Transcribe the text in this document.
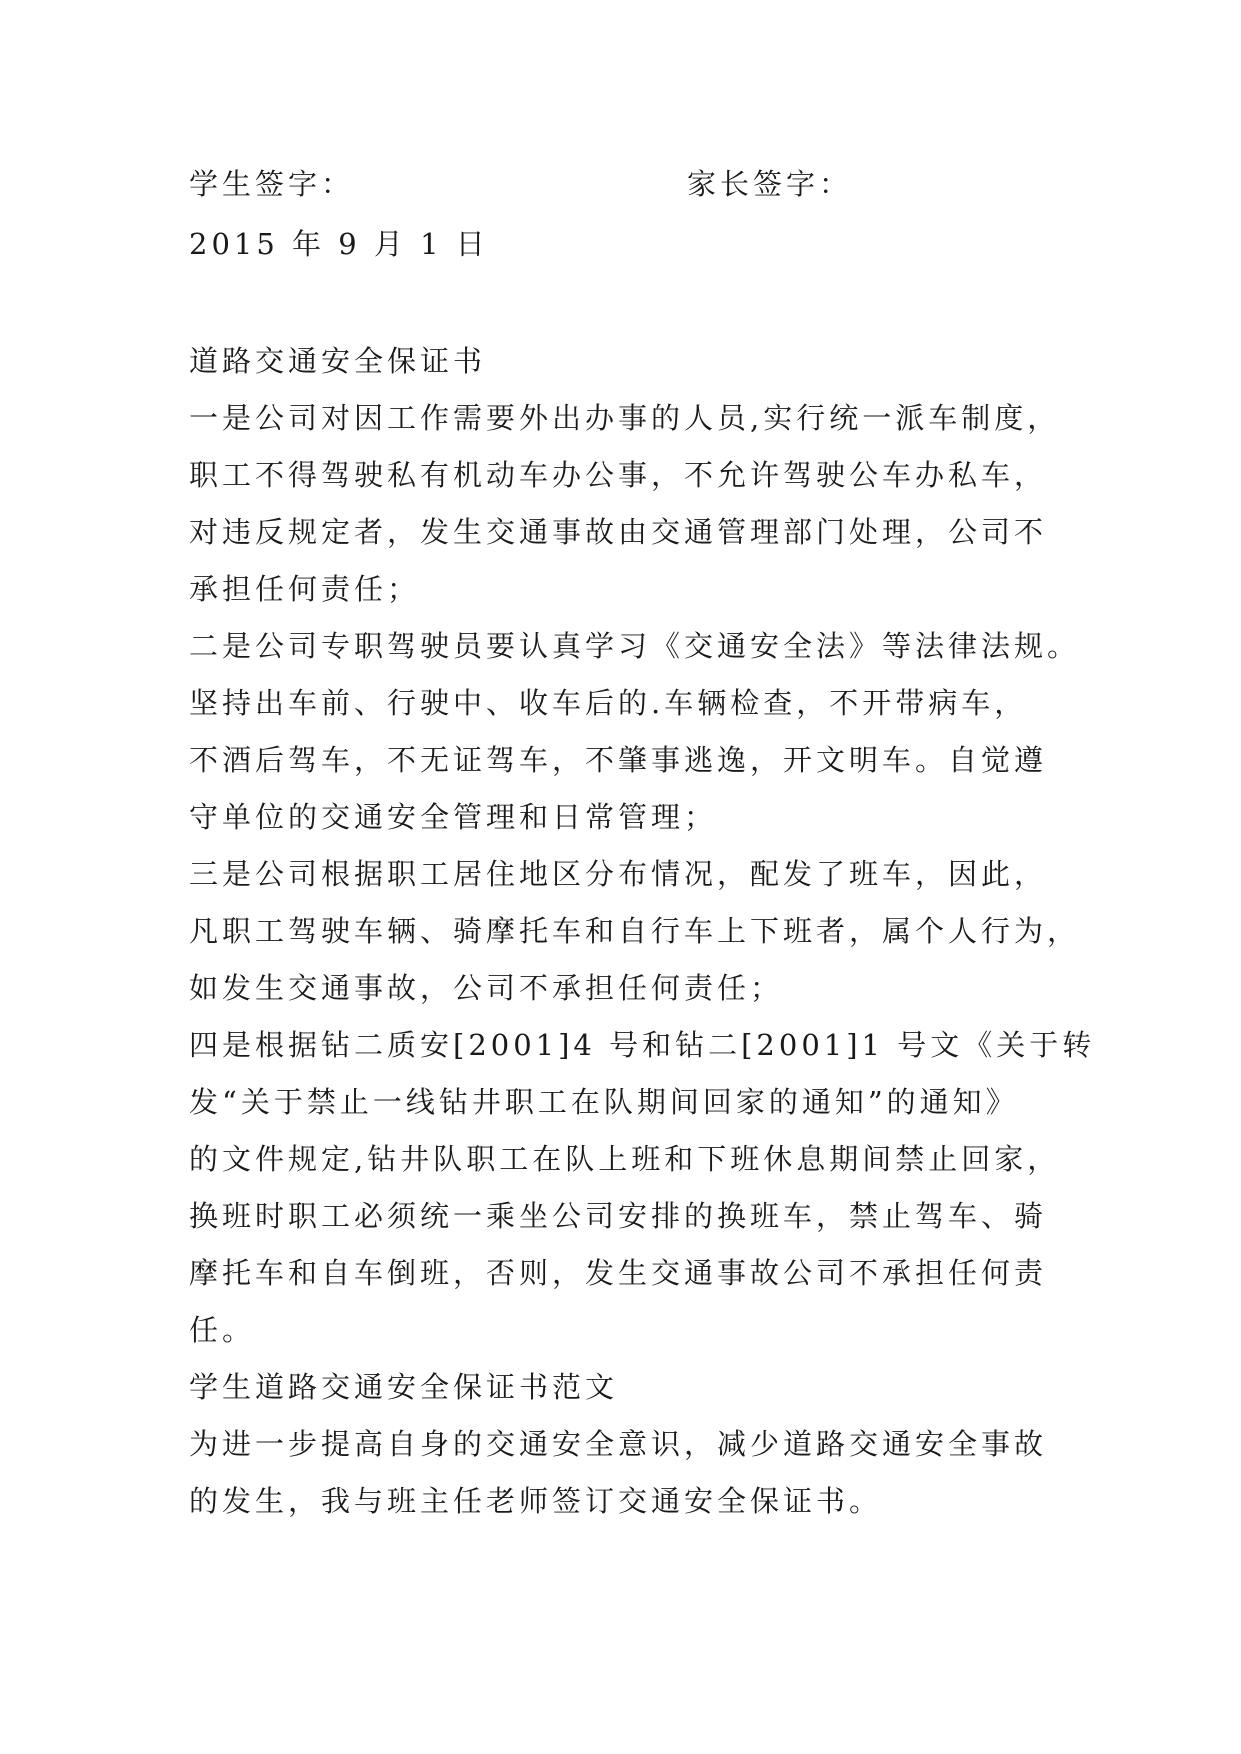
学生签字：	家长签字：
2015 年 9 月 1 日
道路交通安全保证书
一是公司对因工作需要外出办事的人员,实行统一派车制度，
职工不得驾驶私有机动车办公事，不允许驾驶公车办私车，
对违反规定者，发生交通事故由交通管理部门处理，公司不
承担任何责任；
二是公司专职驾驶员要认真学习《交通安全法》等法律法规。
坚持出车前、行驶中、收车后的.车辆检查，不开带病车，
不酒后驾车，不无证驾车，不肇事逃逸，开文明车。自觉遵
守单位的交通安全管理和日常管理；
三是公司根据职工居住地区分布情况，配发了班车，因此，
凡职工驾驶车辆、骑摩托车和自行车上下班者，属个人行为，
如发生交通事故，公司不承担任何责任；
四是根据钻二质安[2001]4 号和钻二[2001]1 号文《关于转
发“关于禁止一线钻井职工在队期间回家的通知”的通知》
的文件规定,钻井队职工在队上班和下班休息期间禁止回家，
换班时职工必须统一乘坐公司安排的换班车，禁止驾车、骑
摩托车和自车倒班，否则，发生交通事故公司不承担任何责
任。
学生道路交通安全保证书范文
为进一步提高自身的交通安全意识，减少道路交通安全事故
的发生，我与班主任老师签订交通安全保证书。
